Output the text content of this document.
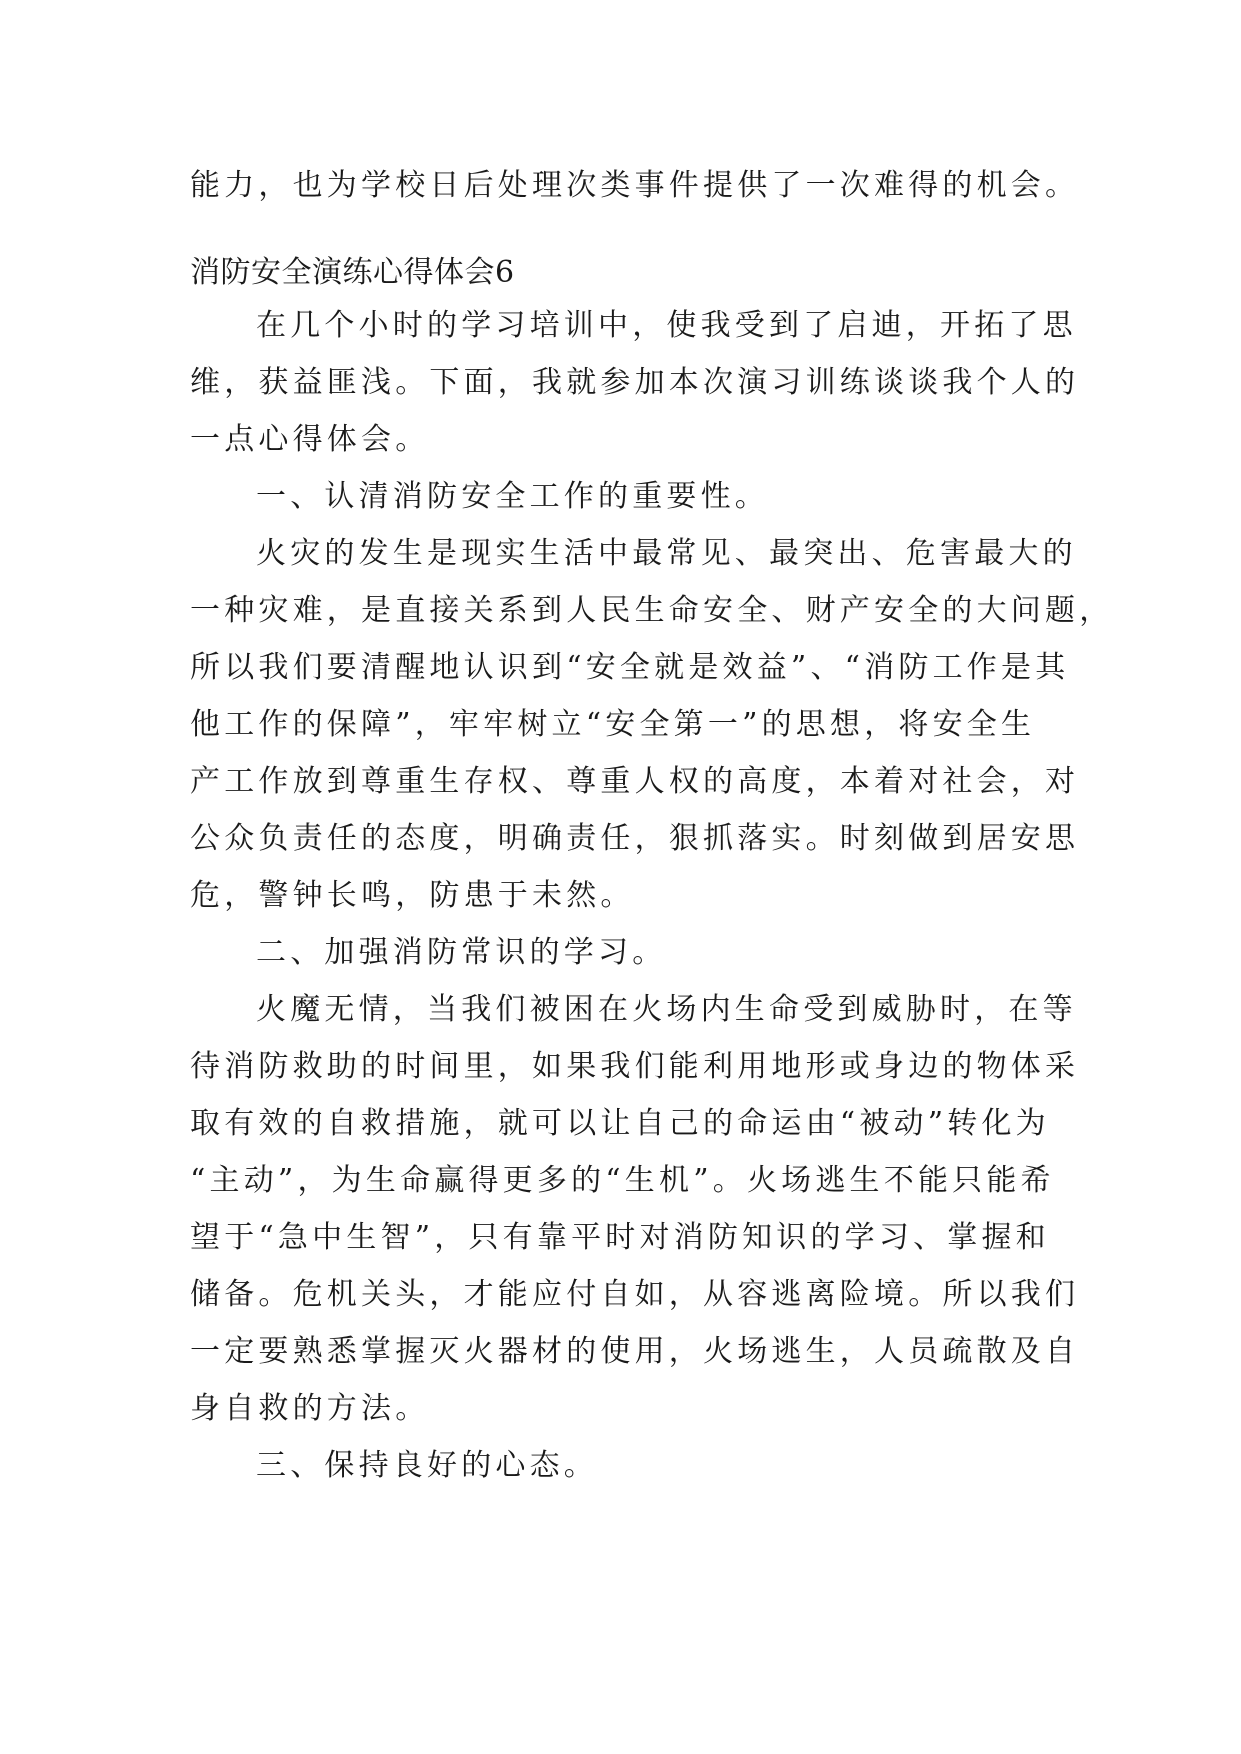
能力，也为学校日后处理次类事件提供了一次难得的机会。
消防安全演练心得体会6
在几个小时的学习培训中，使我受到了启迪，开拓了思
维，获益匪浅。下面，我就参加本次演习训练谈谈我个人的
一点心得体会。
一、认清消防安全工作的重要性。
火灾的发生是现实生活中最常见、最突出、危害最大的
一种灾难，是直接关系到人民生命安全、财产安全的大问题，
所以我们要清醒地认识到“安全就是效益”、“消防工作是其
他工作的保障”，牢牢树立“安全第一”的思想，将安全生
产工作放到尊重生存权、尊重人权的高度，本着对社会，对
公众负责任的态度，明确责任，狠抓落实。时刻做到居安思
危，警钟长鸣，防患于未然。
二、加强消防常识的学习。
火魔无情，当我们被困在火场内生命受到威胁时，在等
待消防救助的时间里，如果我们能利用地形或身边的物体采
取有效的自救措施，就可以让自己的命运由“被动”转化为
“主动”，为生命赢得更多的“生机”。火场逃生不能只能希
望于“急中生智”，只有靠平时对消防知识的学习、掌握和
储备。危机关头，才能应付自如，从容逃离险境。所以我们
一定要熟悉掌握灭火器材的使用，火场逃生，人员疏散及自
身自救的方法。
三、保持良好的心态。
